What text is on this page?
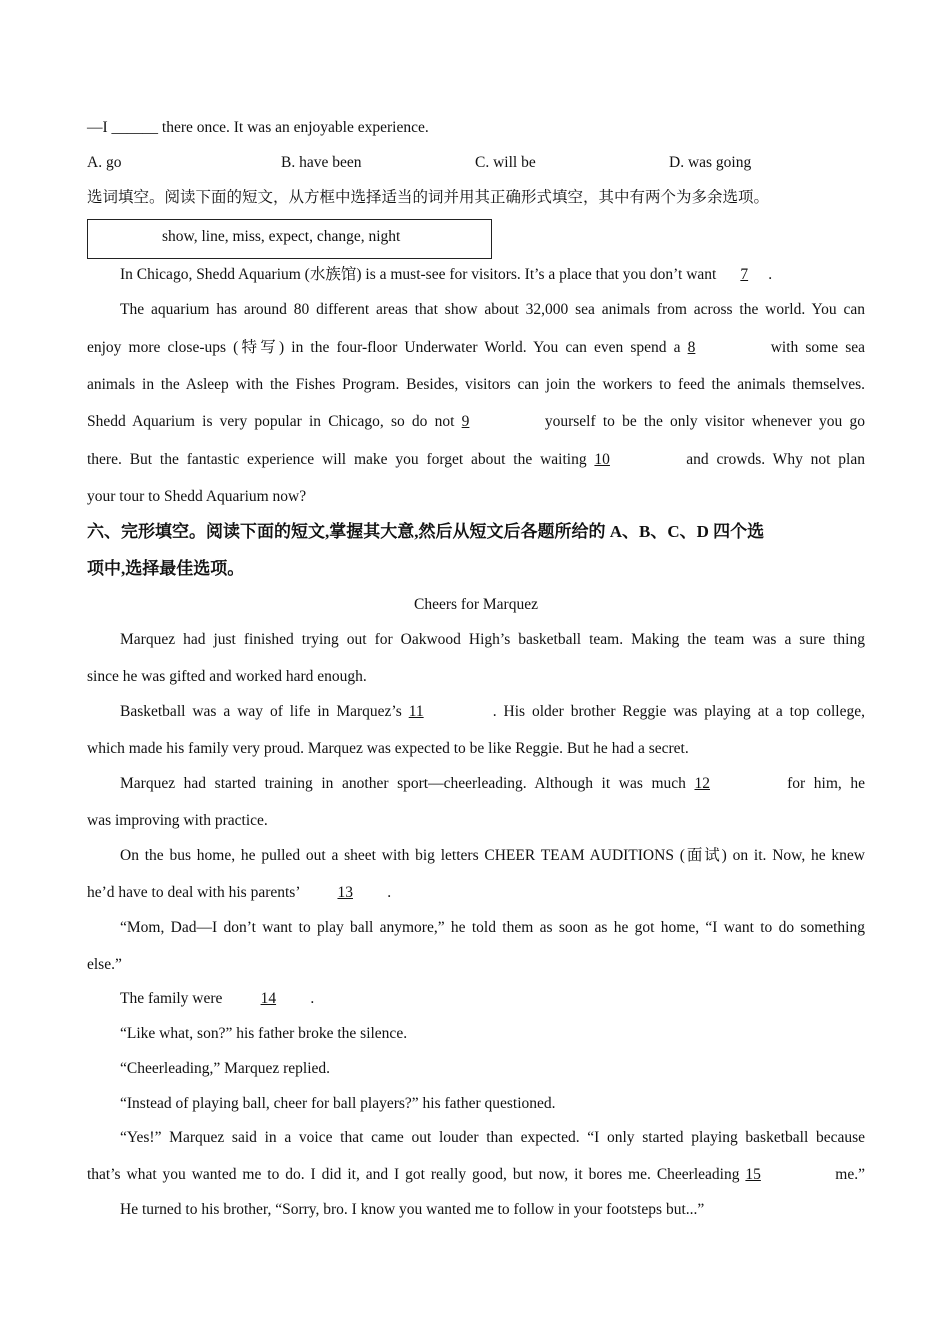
—I ______ there once. It was an enjoyable experience.
A. go	B. have been	C. will be	D. was going
选词填空。阅读下面的短文，从方框中选择适当的词并用其正确形式填空，其中有两个为多余选项。
show, line, miss, expect, change, night
In Chicago, Shedd Aquarium (水族馆) is a must-see for visitors. It’s a place that you don’t want 7 .
The aquarium has around 80 different areas that show about 32,000 sea animals from across the world. You can
enjoy more close-ups (特写) in the four-floor Underwater World. You can even spend a 8	with some sea
animals in the Asleep with the Fishes Program. Besides, visitors can join the workers to feed the animals themselves.
Shedd Aquarium is very popular in Chicago, so do not 9	yourself to be the only visitor whenever you go
there. But the fantastic experience will make you forget about the waiting 10	and crowds. Why not plan
your tour to Shedd Aquarium now?
六、完形填空。阅读下面的短文,掌握其大意,然后从短文后各题所给的 A、B、C、D 四个选
项中,选择最佳选项。
Cheers for Marquez
Marquez had just finished trying out for Oakwood High’s basketball team. Making the team was a sure thing
since he was gifted and worked hard enough.
Basketball was a way of life in Marquez’s 11	. His older brother Reggie was playing at a top college,
which made his family very proud. Marquez was expected to be like Reggie. But he had a secret.
Marquez had started training in another sport—cheerleading. Although it was much 12	for him, he
was improving with practice.
On the bus home, he pulled out a sheet with big letters CHEER TEAM AUDITIONS (面试) on it. Now, he knew
he’d have to deal with his parents’ 13 .
“Mom, Dad—I don’t want to play ball anymore,” he told them as soon as he got home, “I want to do something
else.”
The family were 14 .
“Like what, son?” his father broke the silence.
“Cheerleading,” Marquez replied.
“Instead of playing ball, cheer for ball players?” his father questioned.
“Yes!” Marquez said in a voice that came out louder than expected. “I only started playing basketball because
that’s what you wanted me to do. I did it, and I got really good, but now, it bores me. Cheerleading 15	me.”
He turned to his brother, “Sorry, bro. I know you wanted me to follow in your footsteps but...”
